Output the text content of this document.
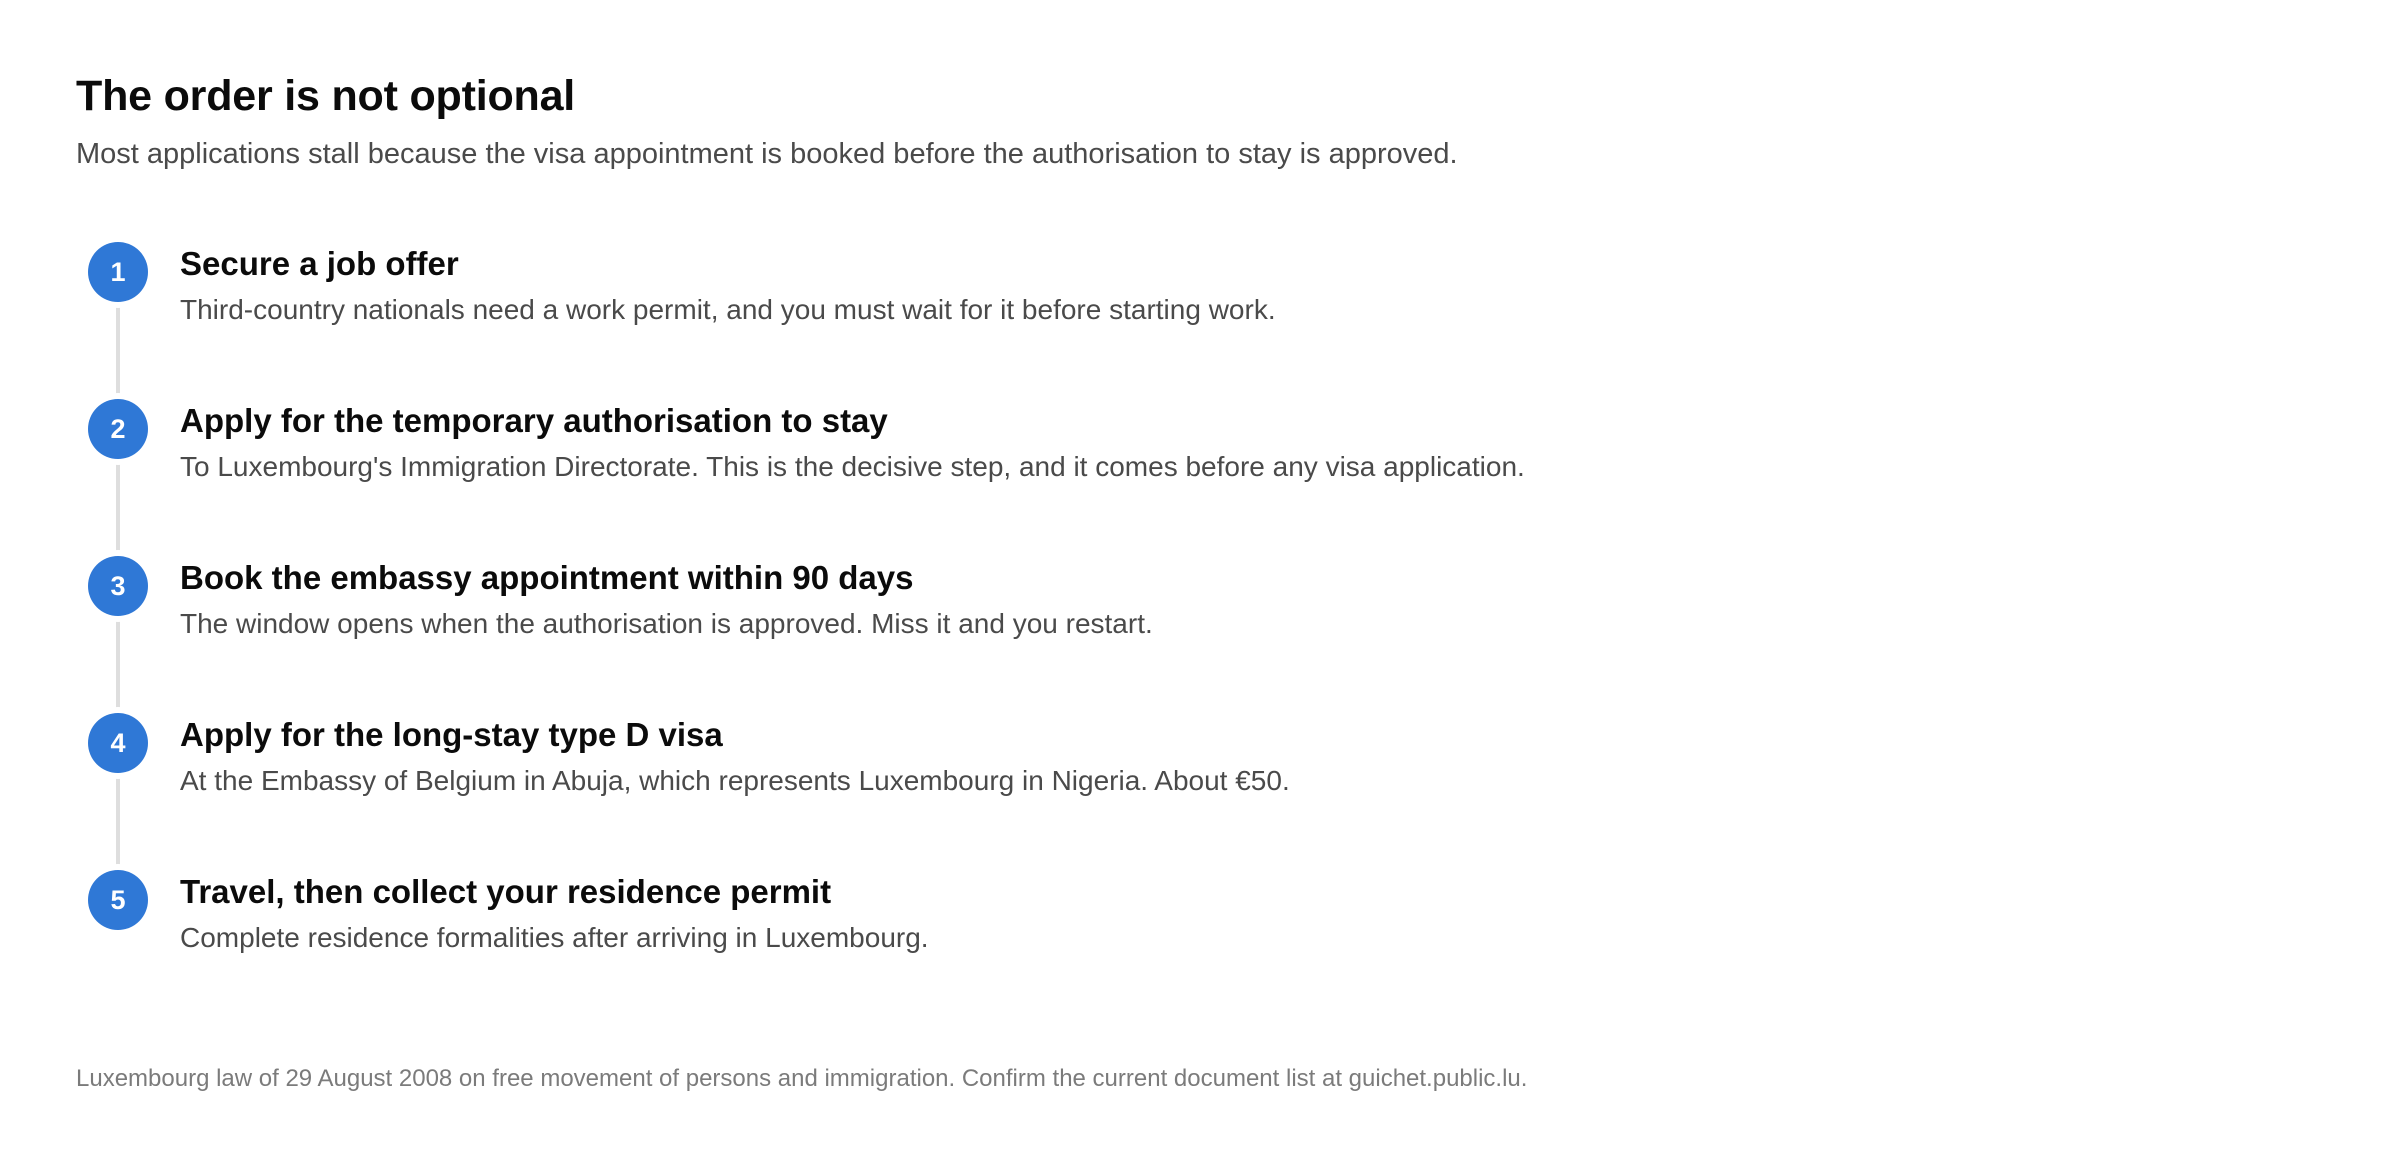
The order is not optional

Most applications stall because the visa appointment is booked before the authorisation to stay is approved.

1	Secure a job offer
Third-country nationals need a work permit, and you must wait for it before starting work.
2	Apply for the temporary authorisation to stay
To Luxembourg's Immigration Directorate. This is the decisive step, and it comes before any visa application.
3	Book the embassy appointment within 90 days
The window opens when the authorisation is approved. Miss it and you restart.
4	Apply for the long-stay type D visa
At the Embassy of Belgium in Abuja, which represents Luxembourg in Nigeria. About €50.
5	Travel, then collect your residence permit
Complete residence formalities after arriving in Luxembourg.
Luxembourg law of 29 August 2008 on free movement of persons and immigration. Confirm the current document list at guichet.public.lu.
